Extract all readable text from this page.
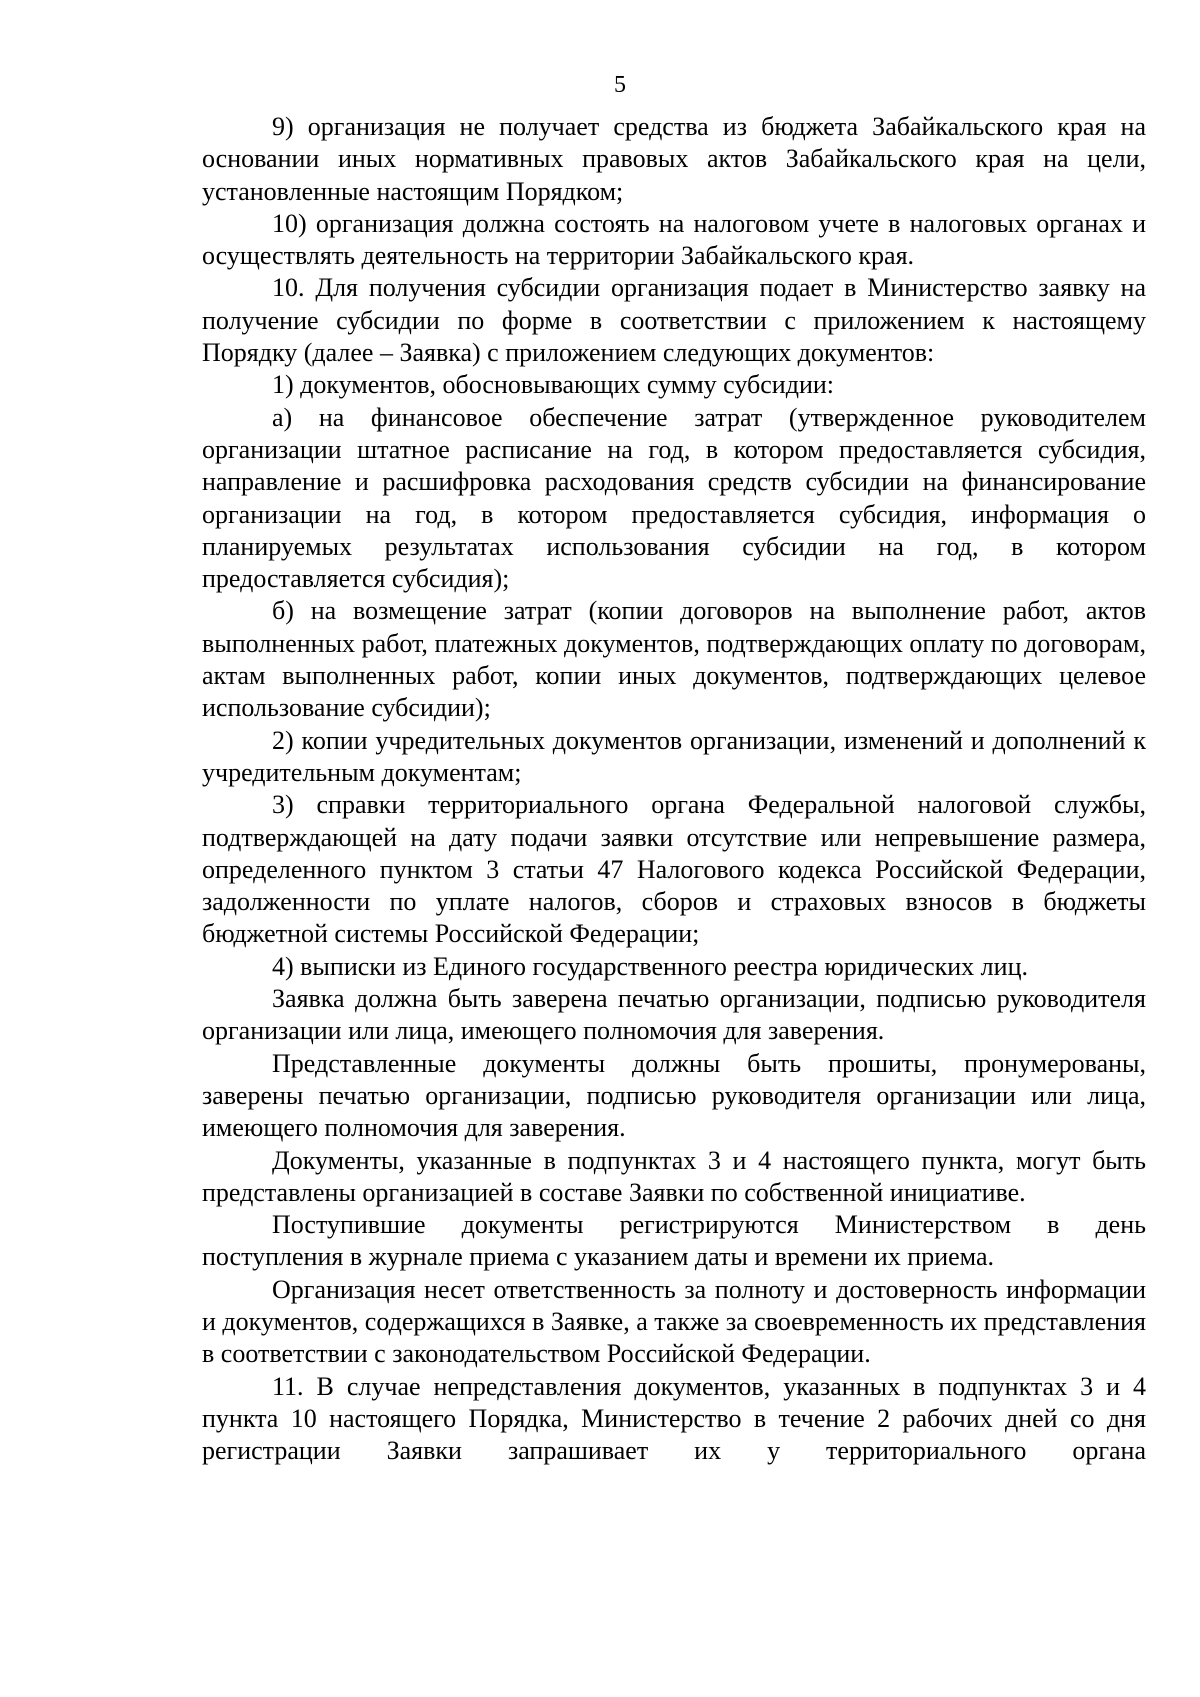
5

9) организация не получает средства из бюджета Забайкальского края на основании иных нормативных правовых актов Забайкальского края на цели, установленные настоящим Порядком;

10) организация должна состоять на налоговом учете в налоговых органах и осуществлять деятельность на территории Забайкальского края.

10. Для получения субсидии организация подает в Министерство заявку на получение субсидии по форме в соответствии с приложением к настоящему Порядку (далее – Заявка) с приложением следующих документов:

1) документов, обосновывающих сумму субсидии:

а) на финансовое обеспечение затрат (утвержденное руководителем организации штатное расписание на год, в котором предоставляется субсидия, направление и расшифровка расходования средств субсидии на финансирование организации на год, в котором предоставляется субсидия, информация о планируемых результатах использования субсидии на год, в котором предоставляется субсидия);

б) на возмещение затрат (копии договоров на выполнение работ, актов выполненных работ, платежных документов, подтверждающих оплату по договорам, актам выполненных работ, копии иных документов, подтверждающих целевое использование субсидии);

2) копии учредительных документов организации, изменений и дополнений к учредительным документам;

3) справки территориального органа Федеральной налоговой службы, подтверждающей на дату подачи заявки отсутствие или непревышение размера, определенного пунктом 3 статьи 47 Налогового кодекса Российской Федерации, задолженности по уплате налогов, сборов и страховых взносов в бюджеты бюджетной системы Российской Федерации;

4) выписки из Единого государственного реестра юридических лиц.

Заявка должна быть заверена печатью организации, подписью руководителя организации или лица, имеющего полномочия для заверения.

Представленные документы должны быть прошиты, пронумерованы, заверены печатью организации, подписью руководителя организации или лица, имеющего полномочия для заверения.

Документы, указанные в подпунктах 3 и 4 настоящего пункта, могут быть представлены организацией в составе Заявки по собственной инициативе.

Поступившие документы регистрируются Министерством в день поступления в журнале приема с указанием даты и времени их приема.

Организация несет ответственность за полноту и достоверность информации и документов, содержащихся в Заявке, а также за своевременность их представления в соответствии с законодательством Российской Федерации.

11. В случае непредставления документов, указанных в подпунктах 3 и 4 пункта 10 настоящего Порядка, Министерство в течение 2 рабочих дней со дня регистрации Заявки запрашивает их у территориального органа
